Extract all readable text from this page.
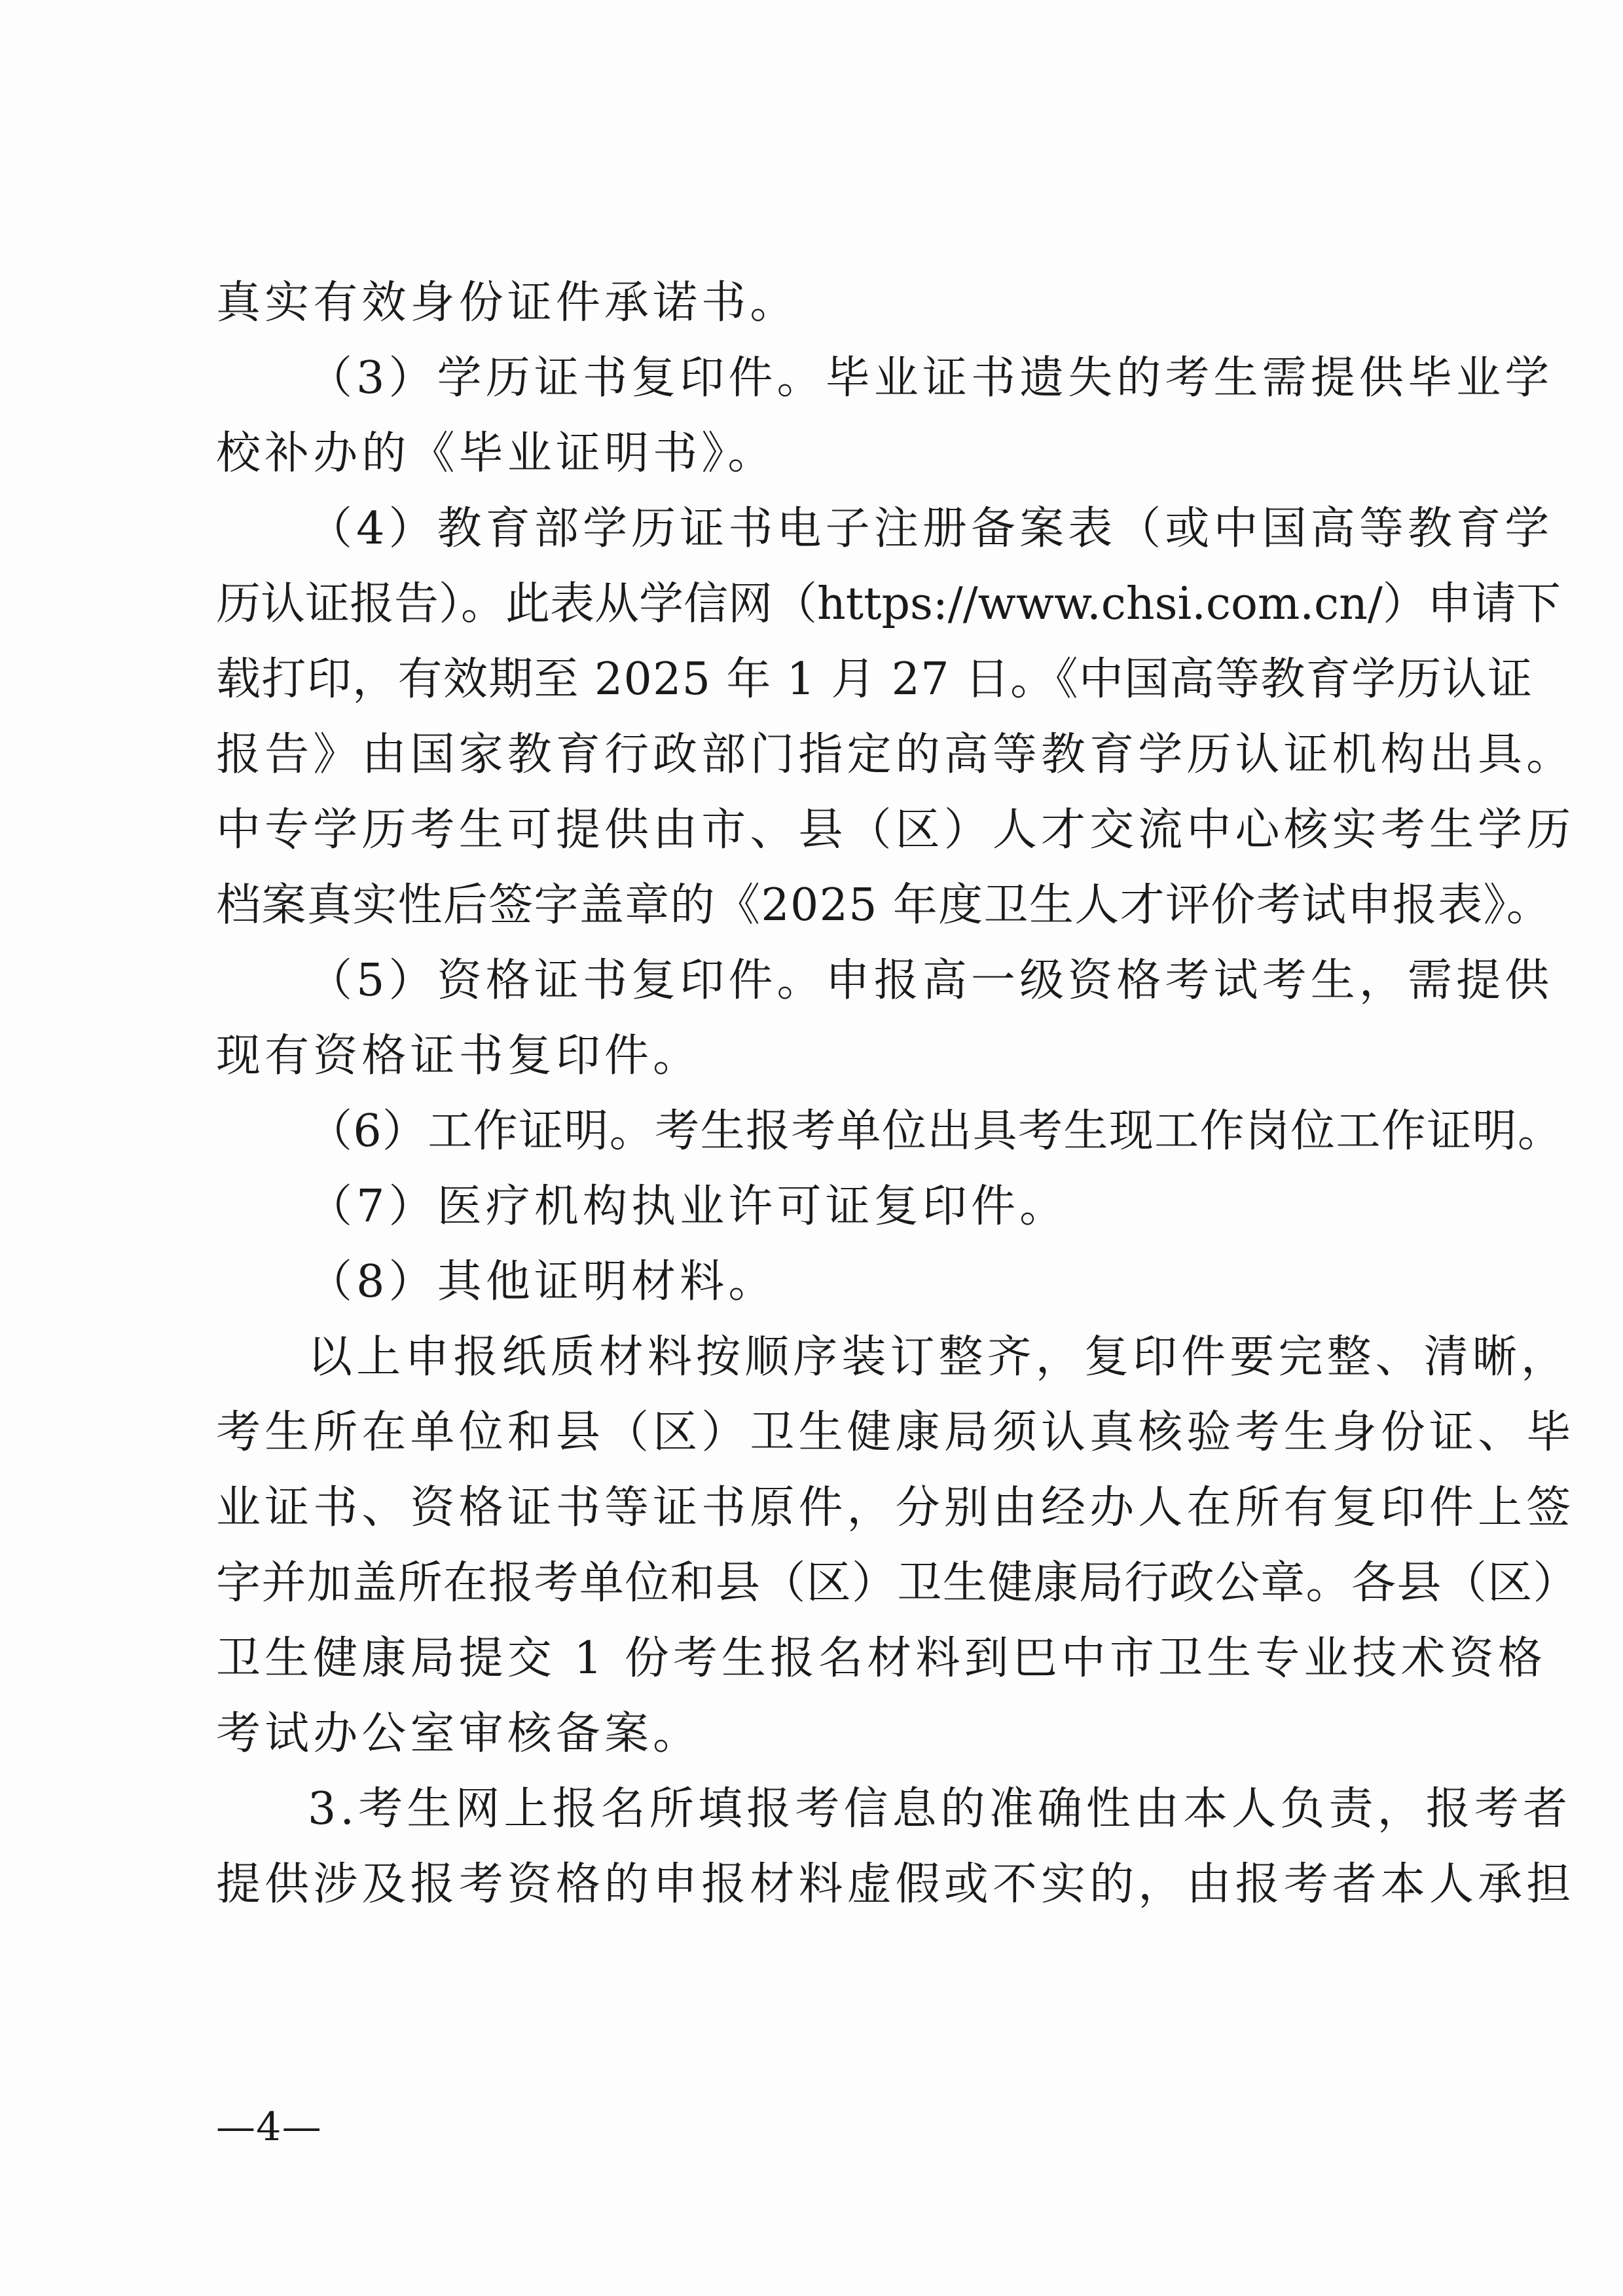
真实有效身份证件承诺书。
（3）学历证书复印件。毕业证书遗失的考生需提供毕业学
校补办的《毕业证明书》。
（4）教育部学历证书电子注册备案表（或中国高等教育学
历认证报告）。此表从学信网（https://www.chsi.com.cn/）申请下
载打印，有效期至 2025 年 1 月 27 日。《中国高等教育学历认证
报告》由国家教育行政部门指定的高等教育学历认证机构出具。
中专学历考生可提供由市、县（区）人才交流中心核实考生学历
档案真实性后签字盖章的《2025 年度卫生人才评价考试申报表》。
（5）资格证书复印件。申报高一级资格考试考生，需提供
现有资格证书复印件。
（6）工作证明。考生报考单位出具考生现工作岗位工作证明。
（7）医疗机构执业许可证复印件。
（8）其他证明材料。
以上申报纸质材料按顺序装订整齐，复印件要完整、清晰，
考生所在单位和县（区）卫生健康局须认真核验考生身份证、毕
业证书、资格证书等证书原件，分别由经办人在所有复印件上签
字并加盖所在报考单位和县（区）卫生健康局行政公章。各县（区）
卫生健康局提交 1 份考生报名材料到巴中市卫生专业技术资格
考试办公室审核备案。
3.考生网上报名所填报考信息的准确性由本人负责，报考者
提供涉及报考资格的申报材料虚假或不实的，由报考者本人承担
—4—
